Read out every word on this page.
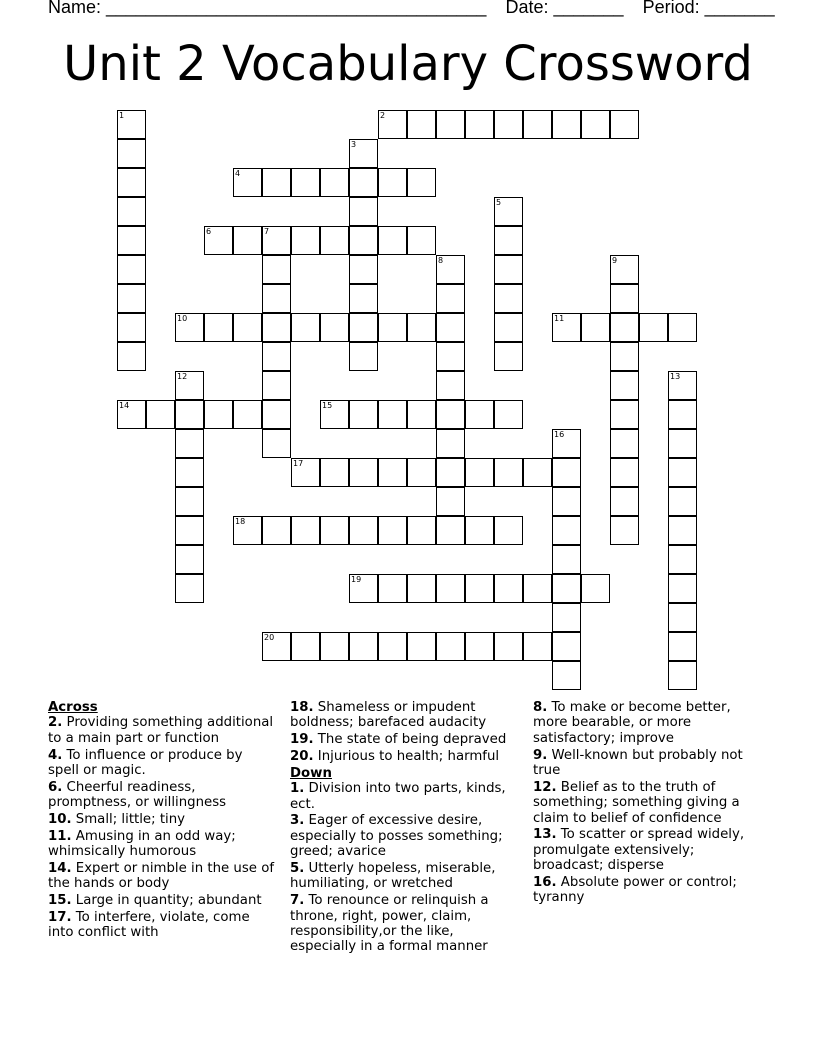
Name: ______________________________________ Date: _______ Period: _______
Unit 2 Vocabulary Crossword
1	2
3
4
5
6	7
8	9
10	11
12	13
14	15
16
17
18
19
20
Across
2. Providing something additional to a main part or function
4. To influence or produce by spell or magic.
6. Cheerful readiness, promptness, or willingness
10. Small; little; tiny
11. Amusing in an odd way; whimsically humorous
14. Expert or nimble in the use of the hands or body
15. Large in quantity; abundant
17. To interfere, violate, come into conflict with
18. Shameless or impudent boldness; barefaced audacity
19. The state of being depraved
20. Injurious to health; harmful
Down
1. Division into two parts, kinds, ect.
3. Eager of excessive desire, especially to posses something; greed; avarice
5. Utterly hopeless, miserable, humiliating, or wretched
7. To renounce or relinquish a throne, right, power, claim, responsibility,or the like, especially in a formal manner
8. To make or become better, more bearable, or more satisfactory; improve
9. Well-known but probably not true
12. Belief as to the truth of something; something giving a claim to belief of confidence
13. To scatter or spread widely, promulgate extensively; broadcast; disperse
16. Absolute power or control; tyranny
